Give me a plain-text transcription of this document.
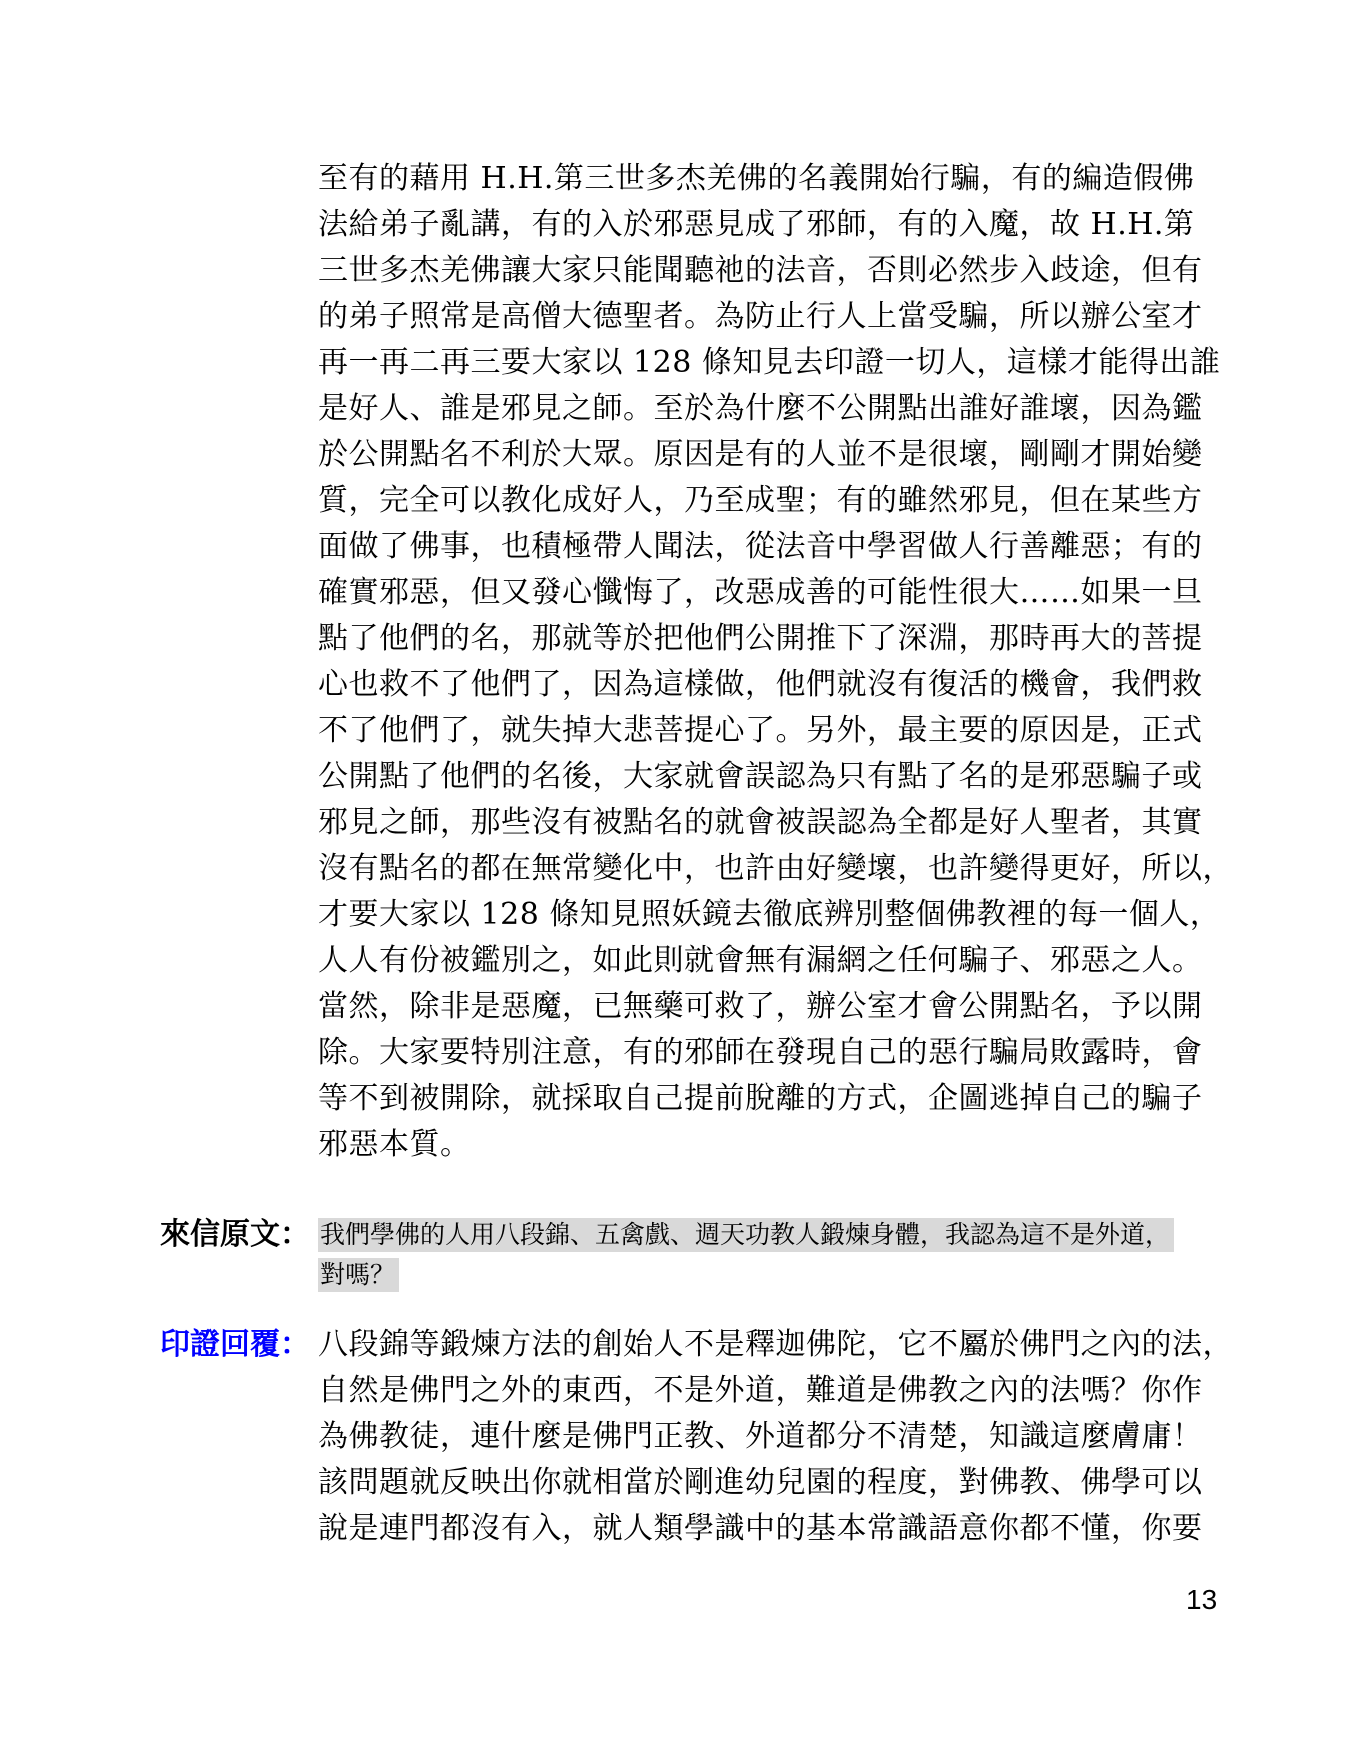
至有的藉用 H.H.第三世多杰羌佛的名義開始行騙，有的編造假佛
法給弟子亂講，有的入於邪惡見成了邪師，有的入魔，故 H.H.第
三世多杰羌佛讓大家只能聞聽祂的法音，否則必然步入歧途，但有
的弟子照常是高僧大德聖者。為防止行人上當受騙，所以辦公室才
再一再二再三要大家以 128 條知見去印證一切人，這樣才能得出誰
是好人、誰是邪見之師。至於為什麼不公開點出誰好誰壞，因為鑑
於公開點名不利於大眾。原因是有的人並不是很壞，剛剛才開始變
質，完全可以教化成好人，乃至成聖；有的雖然邪見，但在某些方
面做了佛事，也積極帶人聞法，從法音中學習做人行善離惡；有的
確實邪惡，但又發心懺悔了，改惡成善的可能性很大……如果一旦
點了他們的名，那就等於把他們公開推下了深淵，那時再大的菩提
心也救不了他們了，因為這樣做，他們就沒有復活的機會，我們救
不了他們了，就失掉大悲菩提心了。另外，最主要的原因是，正式
公開點了他們的名後，大家就會誤認為只有點了名的是邪惡騙子或
邪見之師，那些沒有被點名的就會被誤認為全都是好人聖者，其實
沒有點名的都在無常變化中，也許由好變壞，也許變得更好，所以，
才要大家以 128 條知見照妖鏡去徹底辨別整個佛教裡的每一個人，
人人有份被鑑別之，如此則就會無有漏網之任何騙子、邪惡之人。
當然，除非是惡魔，已無藥可救了，辦公室才會公開點名，予以開
除。大家要特別注意，有的邪師在發現自己的惡行騙局敗露時，會
等不到被開除，就採取自己提前脫離的方式，企圖逃掉自己的騙子
邪惡本質。
來信原文： 我們學佛的人用八段錦、五禽戲、週天功教人鍛煉身體，我認為這不是外道，
對嗎？
印證回覆： 八段錦等鍛煉方法的創始人不是釋迦佛陀，它不屬於佛門之內的法，
自然是佛門之外的東西，不是外道，難道是佛教之內的法嗎？你作
為佛教徒，連什麼是佛門正教、外道都分不清楚，知識這麼膚庸！
該問題就反映出你就相當於剛進幼兒園的程度，對佛教、佛學可以
說是連門都沒有入，就人類學識中的基本常識語意你都不懂，你要
13
